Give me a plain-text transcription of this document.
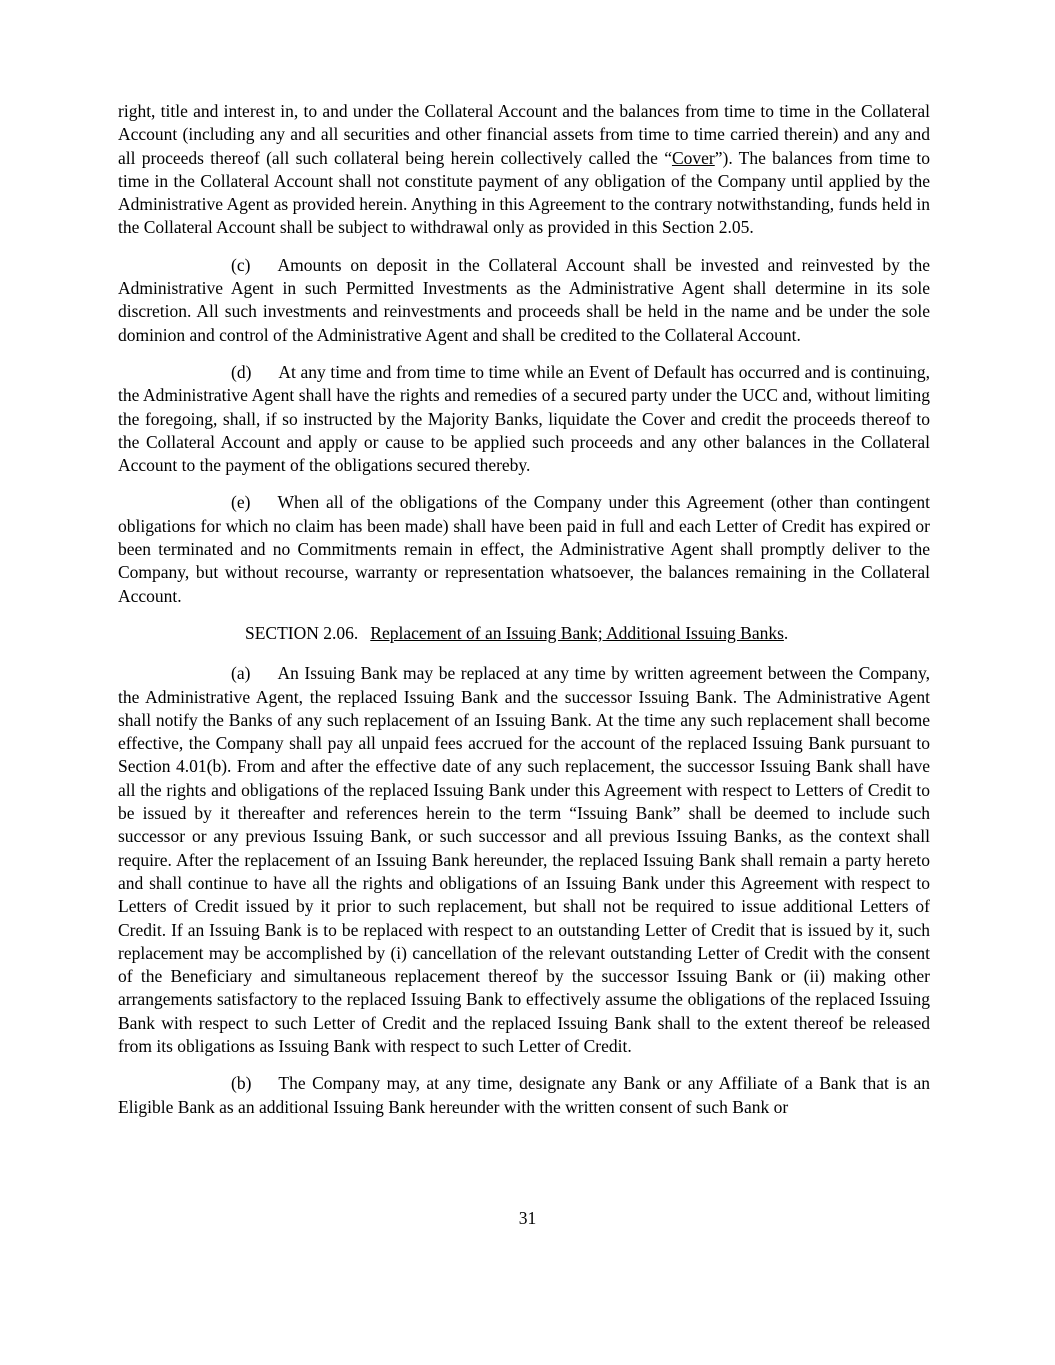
right, title and interest in, to and under the Collateral Account and the balances from time to time in the Collateral Account (including any and all securities and other financial assets from time to time carried therein) and any and all proceeds thereof (all such collateral being herein collectively called the “Cover”). The balances from time to time in the Collateral Account shall not constitute payment of any obligation of the Company until applied by the Administrative Agent as provided herein. Anything in this Agreement to the contrary notwithstanding, funds held in the Collateral Account shall be subject to withdrawal only as provided in this Section 2.05.

(c) Amounts on deposit in the Collateral Account shall be invested and reinvested by the Administrative Agent in such Permitted Investments as the Administrative Agent shall determine in its sole discretion. All such investments and reinvestments and proceeds shall be held in the name and be under the sole dominion and control of the Administrative Agent and shall be credited to the Collateral Account.

(d) At any time and from time to time while an Event of Default has occurred and is continuing, the Administrative Agent shall have the rights and remedies of a secured party under the UCC and, without limiting the foregoing, shall, if so instructed by the Majority Banks, liquidate the Cover and credit the proceeds thereof to the Collateral Account and apply or cause to be applied such proceeds and any other balances in the Collateral Account to the payment of the obligations secured thereby.

(e) When all of the obligations of the Company under this Agreement (other than contingent obligations for which no claim has been made) shall have been paid in full and each Letter of Credit has expired or been terminated and no Commitments remain in effect, the Administrative Agent shall promptly deliver to the Company, but without recourse, warranty or representation whatsoever, the balances remaining in the Collateral Account.

SECTION 2.06. Replacement of an Issuing Bank; Additional Issuing Banks.

(a) An Issuing Bank may be replaced at any time by written agreement between the Company, the Administrative Agent, the replaced Issuing Bank and the successor Issuing Bank. The Administrative Agent shall notify the Banks of any such replacement of an Issuing Bank. At the time any such replacement shall become effective, the Company shall pay all unpaid fees accrued for the account of the replaced Issuing Bank pursuant to Section 4.01(b). From and after the effective date of any such replacement, the successor Issuing Bank shall have all the rights and obligations of the replaced Issuing Bank under this Agreement with respect to Letters of Credit to be issued by it thereafter and references herein to the term “Issuing Bank” shall be deemed to include such successor or any previous Issuing Bank, or such successor and all previous Issuing Banks, as the context shall require. After the replacement of an Issuing Bank hereunder, the replaced Issuing Bank shall remain a party hereto and shall continue to have all the rights and obligations of an Issuing Bank under this Agreement with respect to Letters of Credit issued by it prior to such replacement, but shall not be required to issue additional Letters of Credit. If an Issuing Bank is to be replaced with respect to an outstanding Letter of Credit that is issued by it, such replacement may be accomplished by (i) cancellation of the relevant outstanding Letter of Credit with the consent of the Beneficiary and simultaneous replacement thereof by the successor Issuing Bank or (ii) making other arrangements satisfactory to the replaced Issuing Bank to effectively assume the obligations of the replaced Issuing Bank with respect to such Letter of Credit and the replaced Issuing Bank shall to the extent thereof be released from its obligations as Issuing Bank with respect to such Letter of Credit.

(b) The Company may, at any time, designate any Bank or any Affiliate of a Bank that is an Eligible Bank as an additional Issuing Bank hereunder with the written consent of such Bank or

31
